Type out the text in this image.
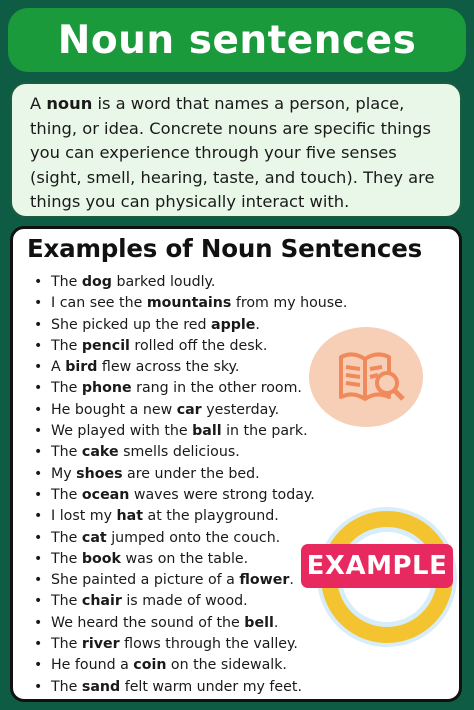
Noun sentences

A noun is a word that names a person, place, thing, or idea. Concrete nouns are specific things you can experience through your five senses (sight, smell, hearing, taste, and touch). They are things you can physically interact with.

Examples of Noun Sentences
EXAMPLE
• The dog barked loudly.
• I can see the mountains from my house.
• She picked up the red apple.
• The pencil rolled off the desk.
• A bird flew across the sky.
• The phone rang in the other room.
• He bought a new car yesterday.
• We played with the ball in the park.
• The cake smells delicious.
• My shoes are under the bed.
• The ocean waves were strong today.
• I lost my hat at the playground.
• The cat jumped onto the couch.
• The book was on the table.
• She painted a picture of a flower.
• The chair is made of wood.
• We heard the sound of the bell.
• The river flows through the valley.
• He found a coin on the sidewalk.
• The sand felt warm under my feet.
